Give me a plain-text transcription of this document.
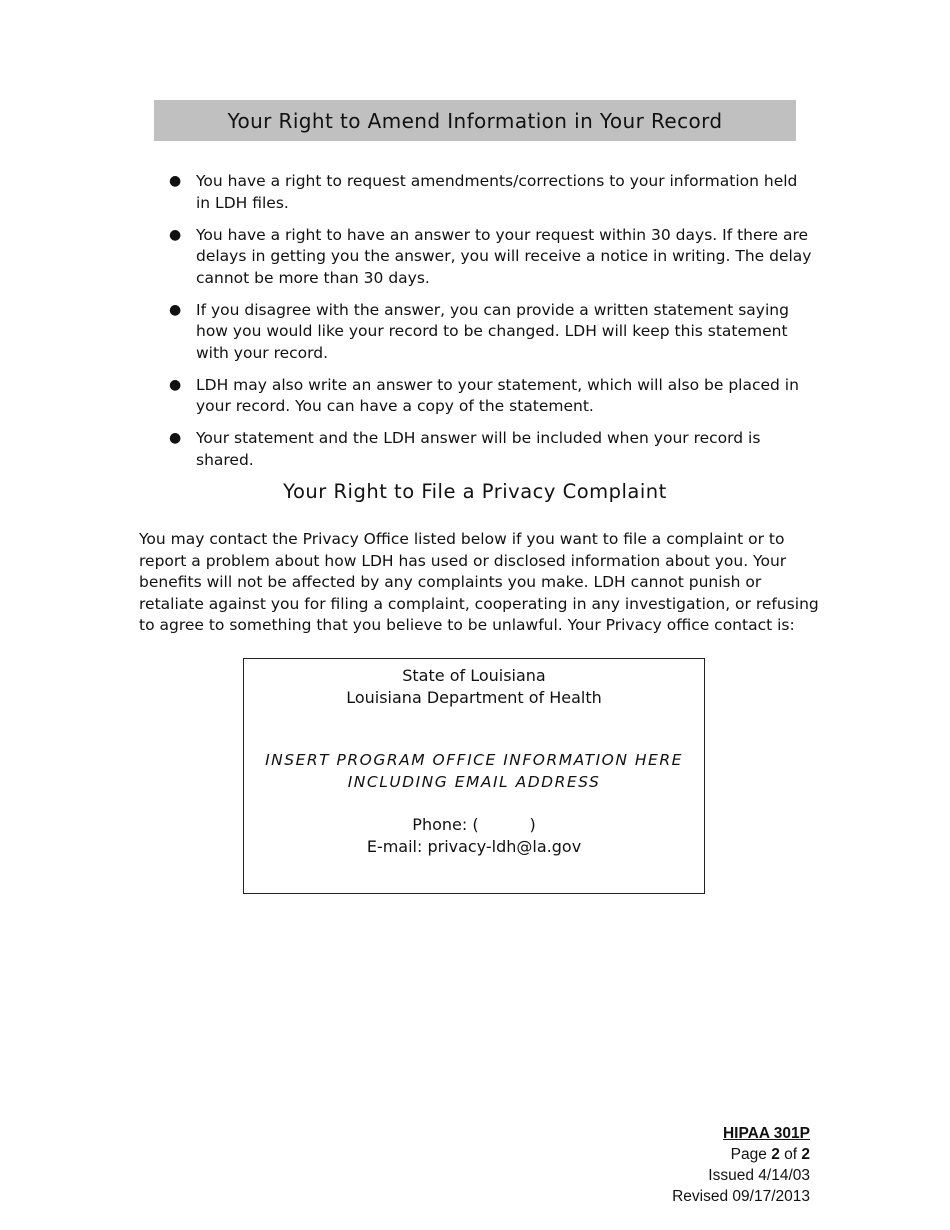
Your Right to Amend Information in Your Record
● You have a right to request amendments/corrections to your information held in LDH files.
● You have a right to have an answer to your request within 30 days. If there are delays in getting you the answer, you will receive a notice in writing. The delay cannot be more than 30 days.
● If you disagree with the answer, you can provide a written statement saying how you would like your record to be changed. LDH will keep this statement with your record.
● LDH may also write an answer to your statement, which will also be placed in your record. You can have a copy of the statement.
● Your statement and the LDH answer will be included when your record is shared.
Your Right to File a Privacy Complaint

You may contact the Privacy Office listed below if you want to file a complaint or to report a problem about how LDH has used or disclosed information about you. Your benefits will not be affected by any complaints you make. LDH cannot punish or retaliate against you for filing a complaint, cooperating in any investigation, or refusing to agree to something that you believe to be unlawful. Your Privacy office contact is:

State of Louisiana
Louisiana Department of Health
INSERT PROGRAM OFFICE INFORMATION HERE
INCLUDING EMAIL ADDRESS
Phone: (          )
E-mail: privacy-ldh@la.gov
HIPAA 301P
Page 2 of 2
Issued 4/14/03
Revised 09/17/2013
